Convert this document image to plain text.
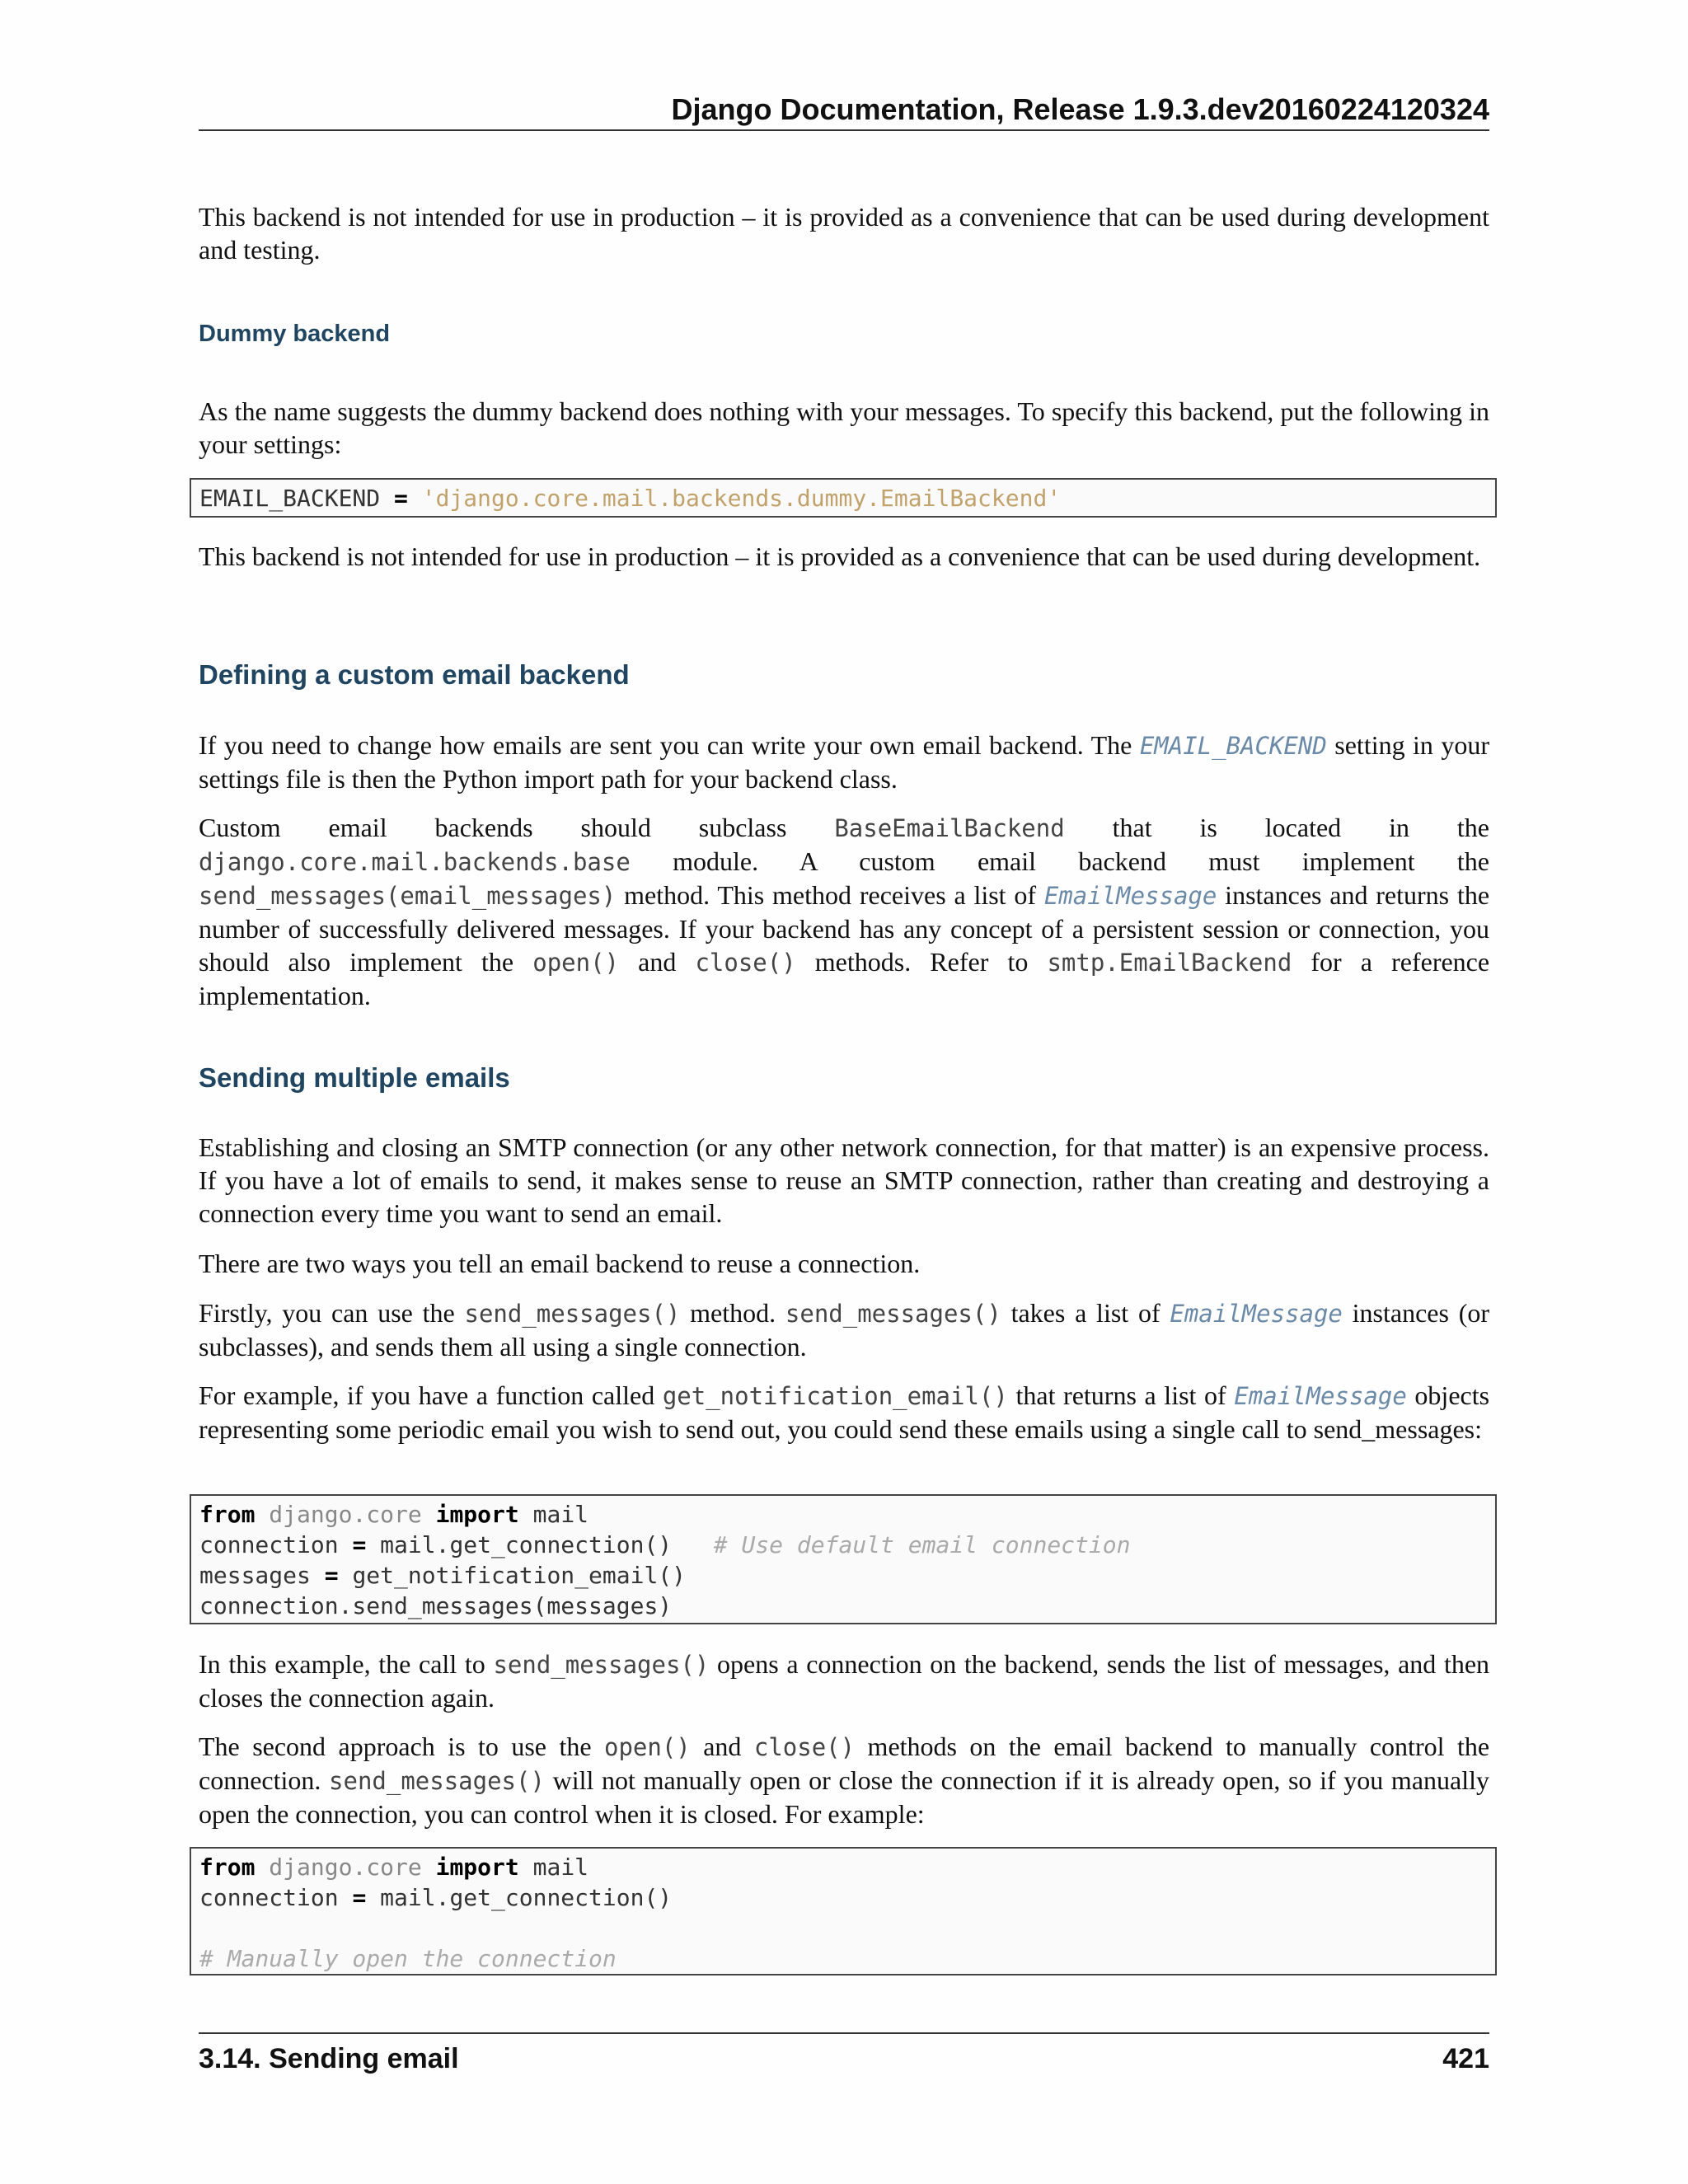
Django Documentation, Release 1.9.3.dev20160224120324

This backend is not intended for use in production – it is provided as a convenience that can be used during development and testing.

Dummy backend

As the name suggests the dummy backend does nothing with your messages. To specify this backend, put the following in your settings:

EMAIL_BACKEND = 'django.core.mail.backends.dummy.EmailBackend'

This backend is not intended for use in production – it is provided as a convenience that can be used during development.

Defining a custom email backend

If you need to change how emails are sent you can write your own email backend. The EMAIL_BACKEND setting in your settings file is then the Python import path for your backend class.

Custom email backends should subclass BaseEmailBackend that is located in the django.core.mail.backends.base module. A custom email backend must implement the send_messages(email_messages) method. This method receives a list of EmailMessage instances and returns the number of successfully delivered messages. If your backend has any concept of a persistent session or connection, you should also implement the open() and close() methods. Refer to smtp.EmailBackend for a reference implementation.

Sending multiple emails

Establishing and closing an SMTP connection (or any other network connection, for that matter) is an expensive process. If you have a lot of emails to send, it makes sense to reuse an SMTP connection, rather than creating and destroying a connection every time you want to send an email.

There are two ways you tell an email backend to reuse a connection.

Firstly, you can use the send_messages() method. send_messages() takes a list of EmailMessage instances (or subclasses), and sends them all using a single connection.

For example, if you have a function called get_notification_email() that returns a list of EmailMessage objects representing some periodic email you wish to send out, you could send these emails using a single call to send_messages:

from django.core import mail
connection = mail.get_connection() # Use default email connection
messages = get_notification_email()
connection.send_messages(messages)

In this example, the call to send_messages() opens a connection on the backend, sends the list of messages, and then closes the connection again.

The second approach is to use the open() and close() methods on the email backend to manually control the connection. send_messages() will not manually open or close the connection if it is already open, so if you manually open the connection, you can control when it is closed. For example:

from django.core import mail
connection = mail.get_connection()

# Manually open the connection
3.14. Sending email	421
